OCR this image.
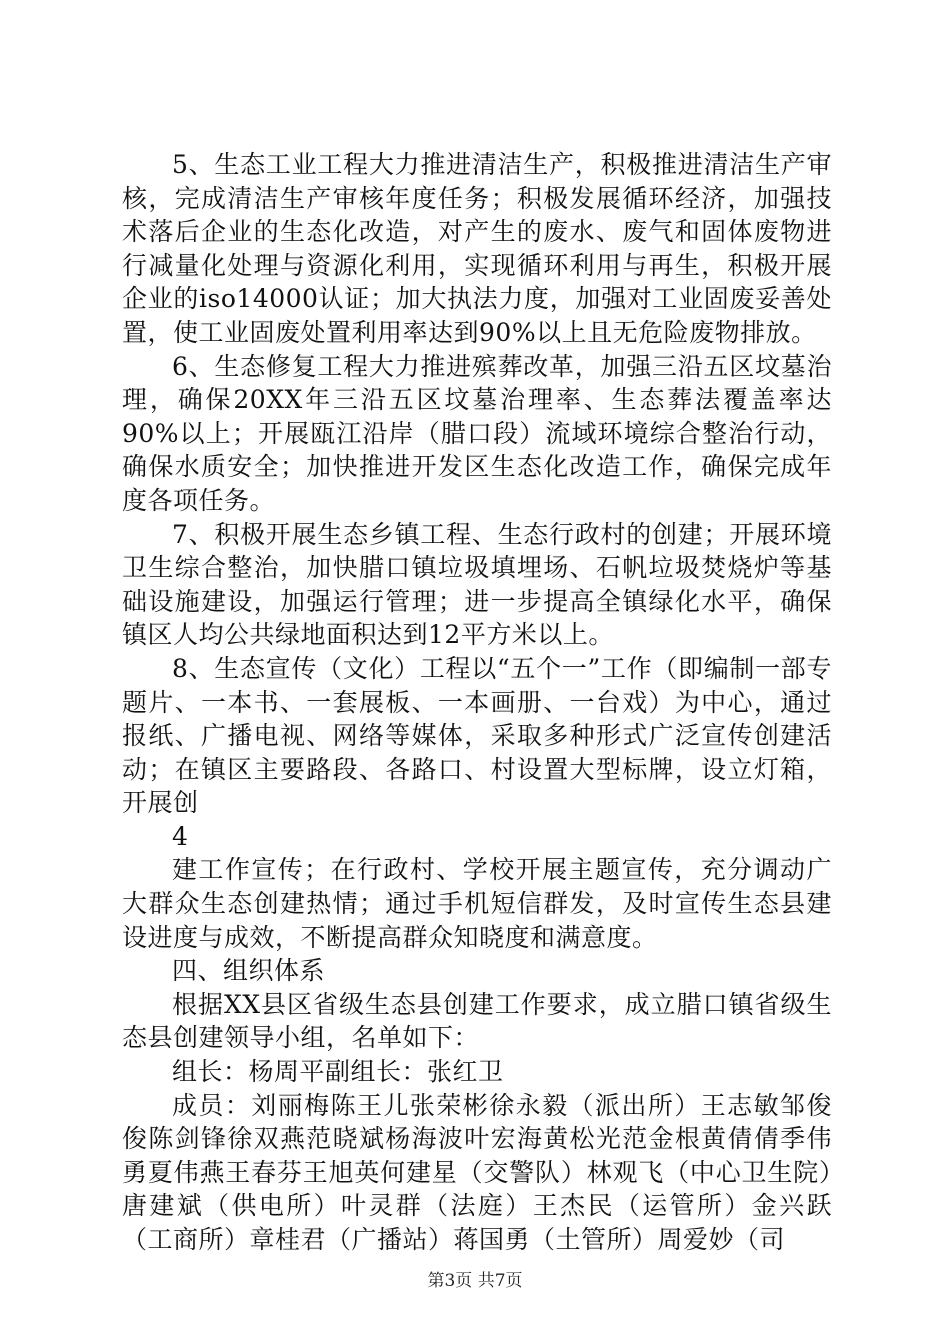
5、生态工业工程大力推进清洁生产，积极推进清洁生产审核，完成清洁生产审核年度任务；积极发展循环经济，加强技术落后企业的生态化改造，对产生的废水、废气和固体废物进行减量化处理与资源化利用，实现循环利用与再生，积极开展企业的iso14000认证；加大执法力度，加强对工业固废妥善处置，使工业固废处置利用率达到90%以上且无危险废物排放。

6、生态修复工程大力推进殡葬改革，加强三沿五区坟墓治理，确保20XX年三沿五区坟墓治理率、生态葬法覆盖率达90%以上；开展瓯江沿岸（腊口段）流域环境综合整治行动，确保水质安全；加快推进开发区生态化改造工作，确保完成年度各项任务。

7、积极开展生态乡镇工程、生态行政村的创建；开展环境卫生综合整治，加快腊口镇垃圾填埋场、石帆垃圾焚烧炉等基础设施建设，加强运行管理；进一步提高全镇绿化水平，确保镇区人均公共绿地面积达到12平方米以上。

8、生态宣传（文化）工程以“五个一”工作（即编制一部专题片、一本书、一套展板、一本画册、一台戏）为中心，通过报纸、广播电视、网络等媒体，采取多种形式广泛宣传创建活动；在镇区主要路段、各路口、村设置大型标牌，设立灯箱，开展创

4

建工作宣传；在行政村、学校开展主题宣传，充分调动广大群众生态创建热情；通过手机短信群发，及时宣传生态县建设进度与成效，不断提高群众知晓度和满意度。

四、组织体系

根据XX县区省级生态县创建工作要求，成立腊口镇省级生态县创建领导小组，名单如下：

组长：杨周平副组长：张红卫

成员：刘丽梅陈王儿张荣彬徐永毅（派出所）王志敏邹俊俊陈剑锋徐双燕范晓斌杨海波叶宏海黄松光范金根黄倩倩季伟勇夏伟燕王春芬王旭英何建星（交警队）林观飞（中心卫生院）唐建斌（供电所）叶灵群（法庭）王杰民（运管所）金兴跃（工商所）章桂君（广播站）蒋国勇（土管所）周爱妙（司

第3页 共7页
